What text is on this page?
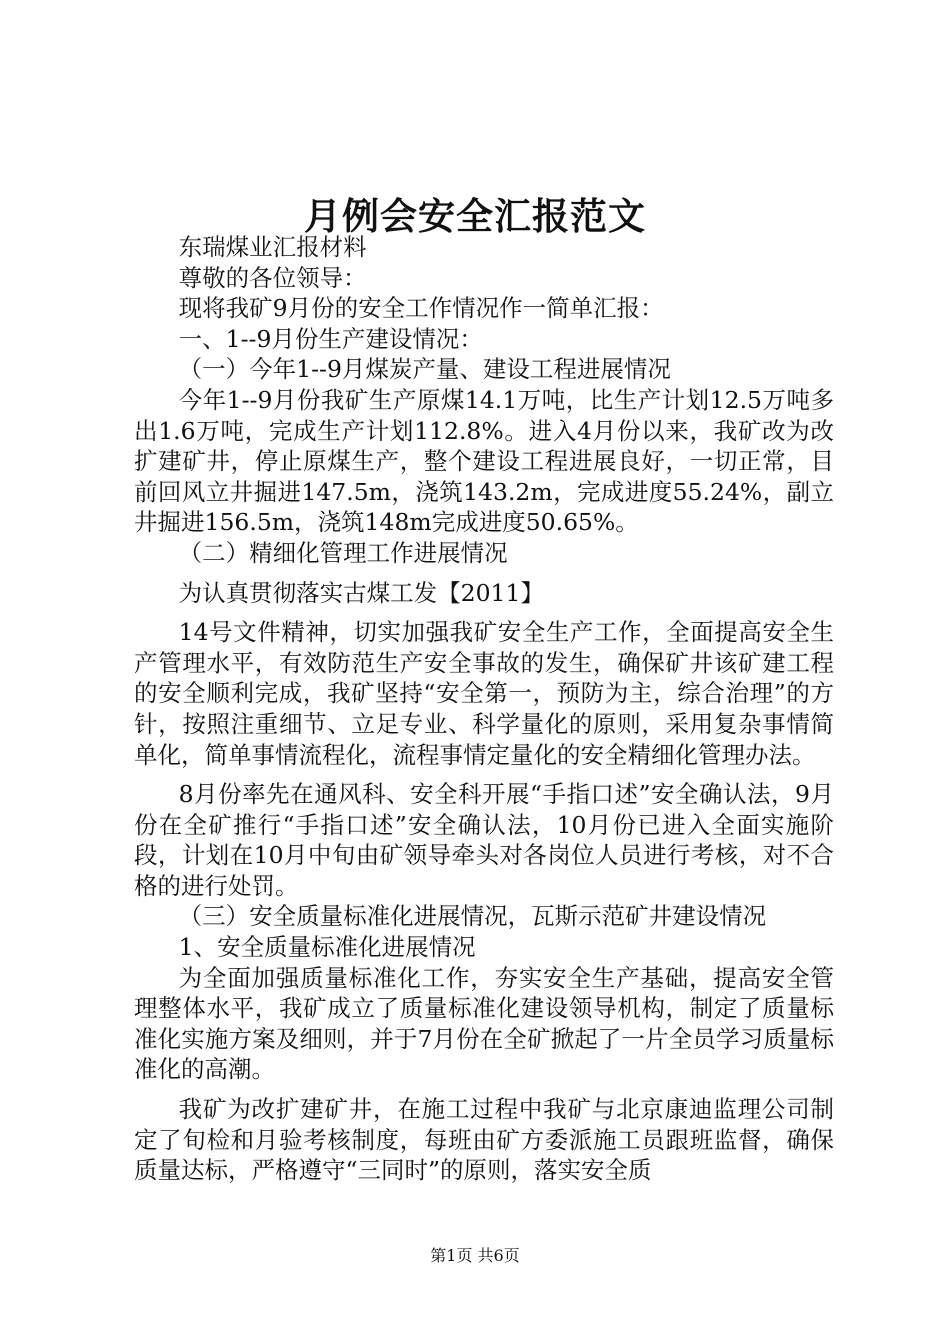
月例会安全汇报范文

东瑞煤业汇报材料

尊敬的各位领导：

现将我矿9月份的安全工作情况作一简单汇报：

一、1--9月份生产建设情况：

（一）今年1--9月煤炭产量、建设工程进展情况

今年1--9月份我矿生产原煤14.1万吨，比生产计划12.5万吨多出1.6万吨，完成生产计划112.8%。进入4月份以来，我矿改为改扩建矿井，停止原煤生产，整个建设工程进展良好，一切正常，目前回风立井掘进147.5m，浇筑143.2m，完成进度55.24%，副立井掘进156.5m，浇筑148m完成进度50.65%。

（二）精细化管理工作进展情况

为认真贯彻落实古煤工发【2011】

14号文件精神，切实加强我矿安全生产工作，全面提高安全生产管理水平，有效防范生产安全事故的发生，确保矿井该矿建工程的安全顺利完成，我矿坚持“安全第一，预防为主，综合治理”的方针，按照注重细节、立足专业、科学量化的原则，采用复杂事情简单化，简单事情流程化，流程事情定量化的安全精细化管理办法。

8月份率先在通风科、安全科开展“手指口述”安全确认法，9月份在全矿推行“手指口述”安全确认法，10月份已进入全面实施阶段，计划在10月中旬由矿领导牵头对各岗位人员进行考核，对不合格的进行处罚。

（三）安全质量标准化进展情况，瓦斯示范矿井建设情况

1、安全质量标准化进展情况

为全面加强质量标准化工作，夯实安全生产基础，提高安全管理整体水平，我矿成立了质量标准化建设领导机构，制定了质量标准化实施方案及细则，并于7月份在全矿掀起了一片全员学习质量标准化的高潮。

我矿为改扩建矿井，在施工过程中我矿与北京康迪监理公司制定了旬检和月验考核制度，每班由矿方委派施工员跟班监督，确保质量达标，严格遵守“三同时”的原则，落实安全质

第1页 共6页
